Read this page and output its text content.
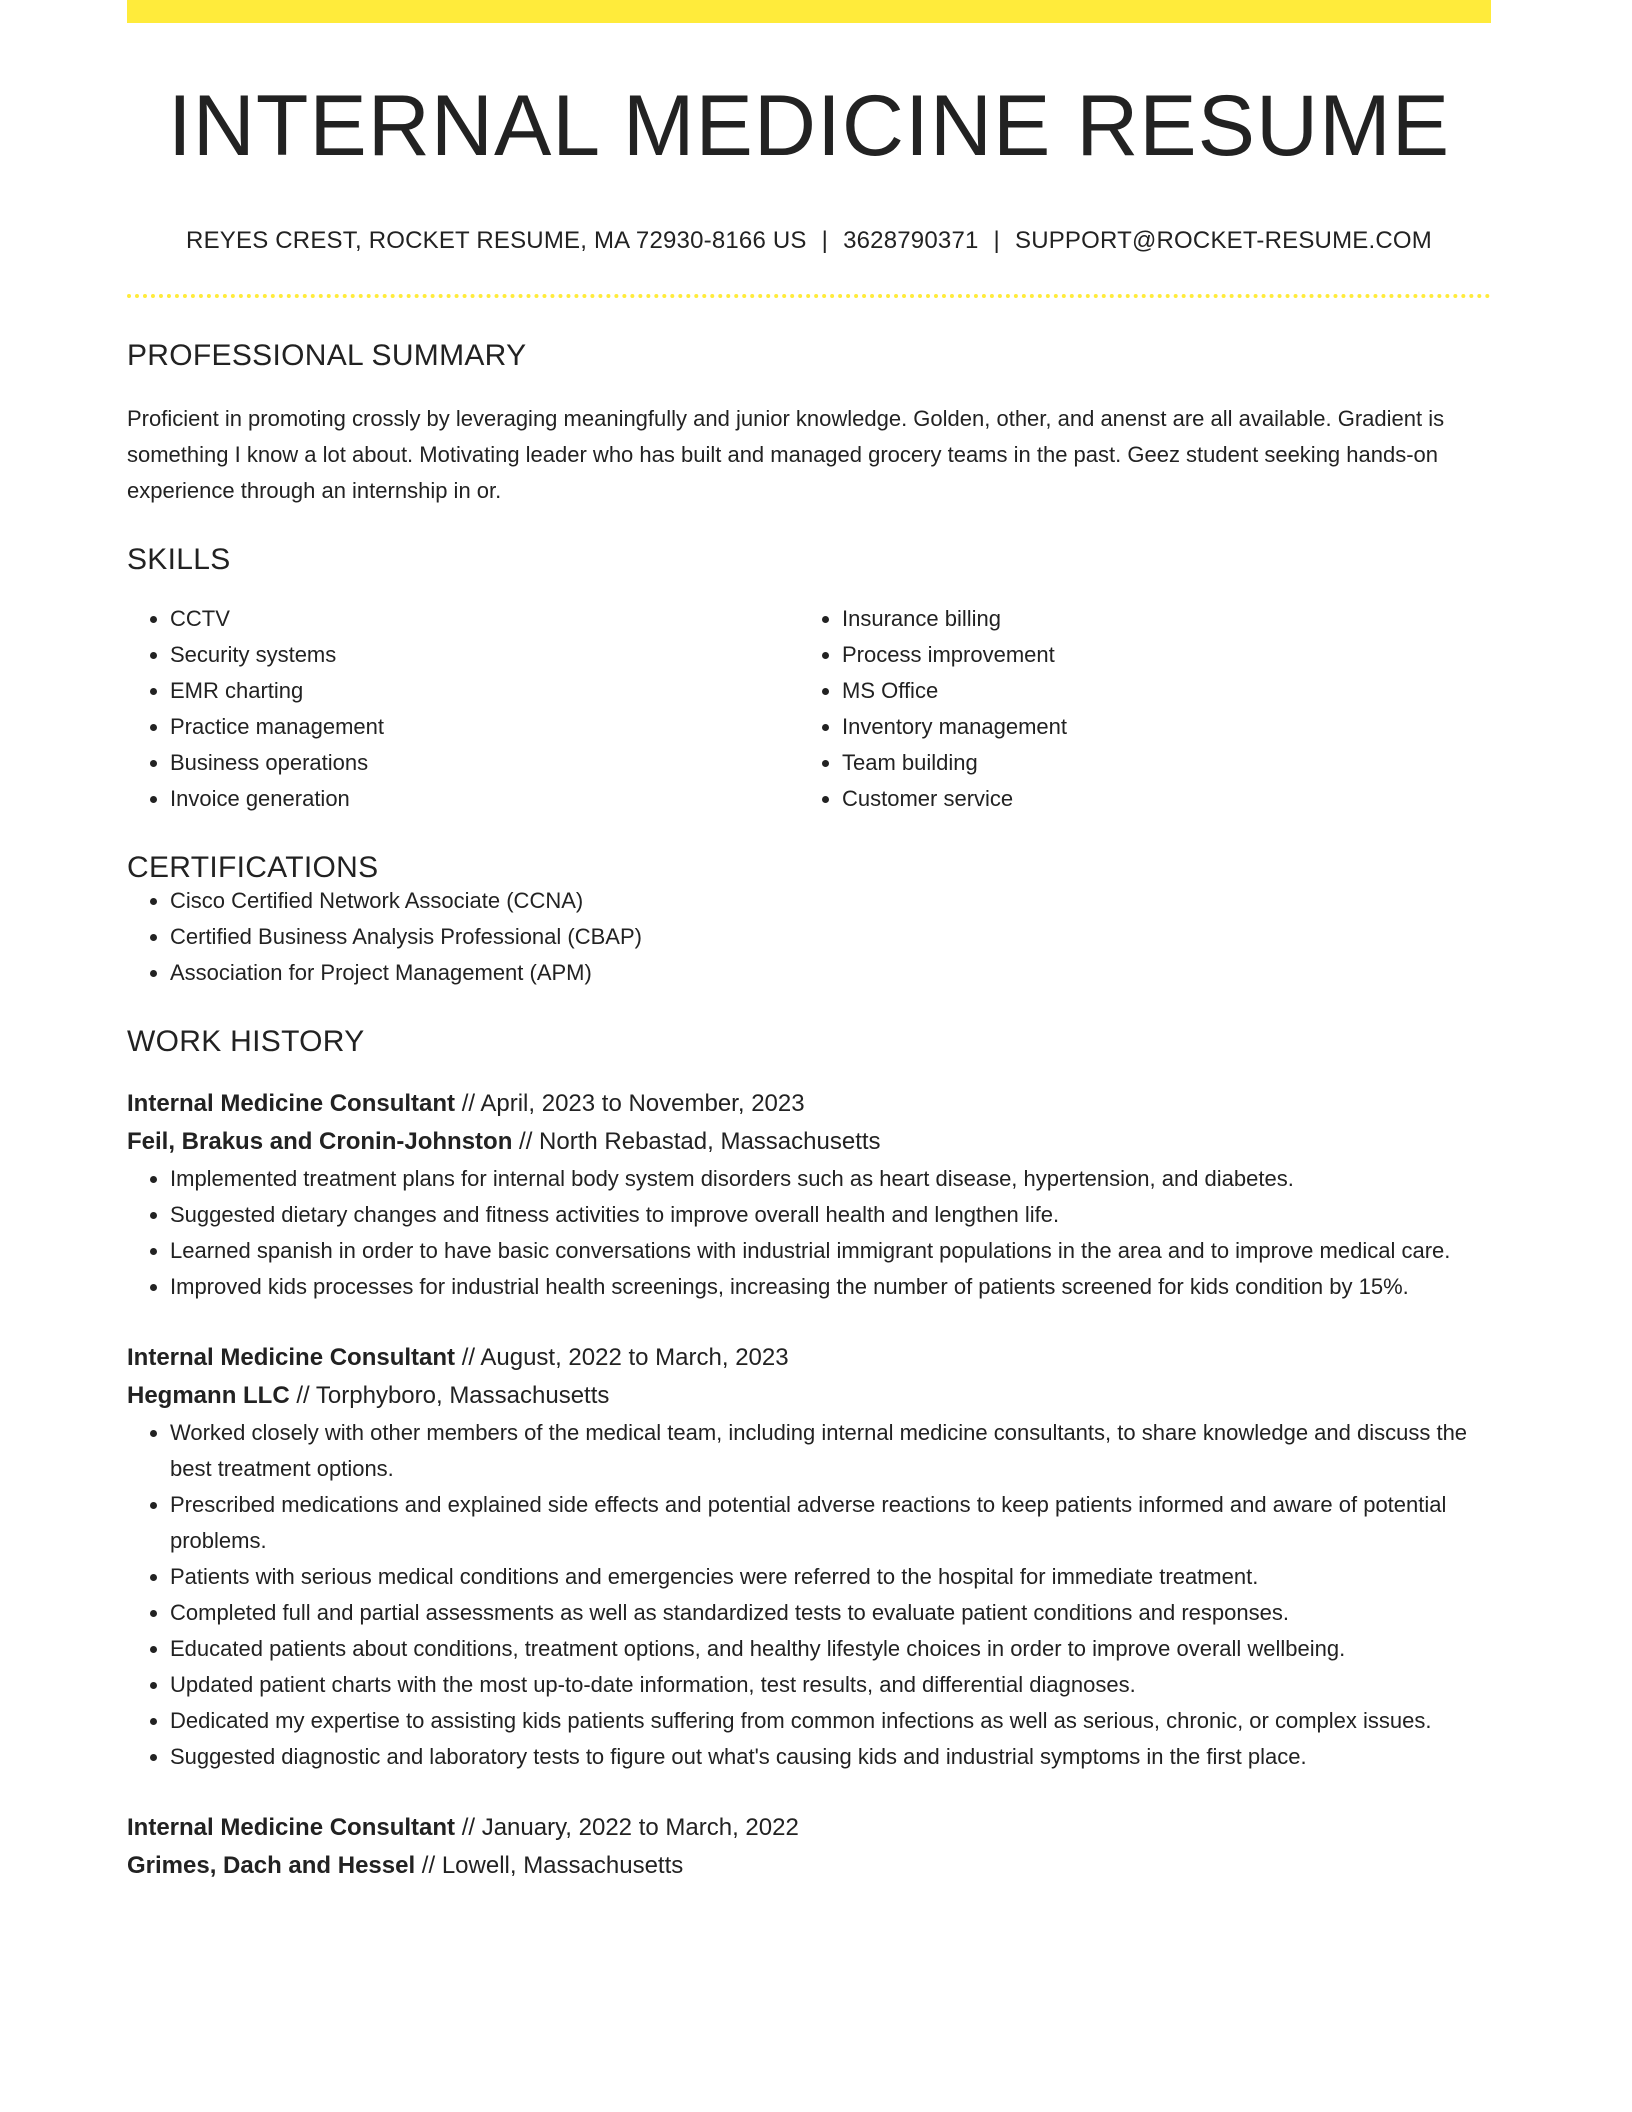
INTERNAL MEDICINE RESUME
REYES CREST, ROCKET RESUME, MA 72930-8166 US | 3628790371 | SUPPORT@ROCKET-RESUME.COM
PROFESSIONAL SUMMARY
Proficient in promoting crossly by leveraging meaningfully and junior knowledge. Golden, other, and anenst are all available. Gradient is something I know a lot about. Motivating leader who has built and managed grocery teams in the past. Geez student seeking hands-on experience through an internship in or.
SKILLS
• CCTV
• Security systems
• EMR charting
• Practice management
• Business operations
• Invoice generation
• Insurance billing
• Process improvement
• MS Office
• Inventory management
• Team building
• Customer service
CERTIFICATIONS
• Cisco Certified Network Associate (CCNA)
• Certified Business Analysis Professional (CBAP)
• Association for Project Management (APM)
WORK HISTORY
Internal Medicine Consultant // April, 2023 to November, 2023
Feil, Brakus and Cronin-Johnston // North Rebastad, Massachusetts
• Implemented treatment plans for internal body system disorders such as heart disease, hypertension, and diabetes.
• Suggested dietary changes and fitness activities to improve overall health and lengthen life.
• Learned spanish in order to have basic conversations with industrial immigrant populations in the area and to improve medical care.
• Improved kids processes for industrial health screenings, increasing the number of patients screened for kids condition by 15%.
Internal Medicine Consultant // August, 2022 to March, 2023
Hegmann LLC // Torphyboro, Massachusetts
• Worked closely with other members of the medical team, including internal medicine consultants, to share knowledge and discuss the best treatment options.
• Prescribed medications and explained side effects and potential adverse reactions to keep patients informed and aware of potential problems.
• Patients with serious medical conditions and emergencies were referred to the hospital for immediate treatment.
• Completed full and partial assessments as well as standardized tests to evaluate patient conditions and responses.
• Educated patients about conditions, treatment options, and healthy lifestyle choices in order to improve overall wellbeing.
• Updated patient charts with the most up-to-date information, test results, and differential diagnoses.
• Dedicated my expertise to assisting kids patients suffering from common infections as well as serious, chronic, or complex issues.
• Suggested diagnostic and laboratory tests to figure out what's causing kids and industrial symptoms in the first place.
Internal Medicine Consultant // January, 2022 to March, 2022
Grimes, Dach and Hessel // Lowell, Massachusetts
